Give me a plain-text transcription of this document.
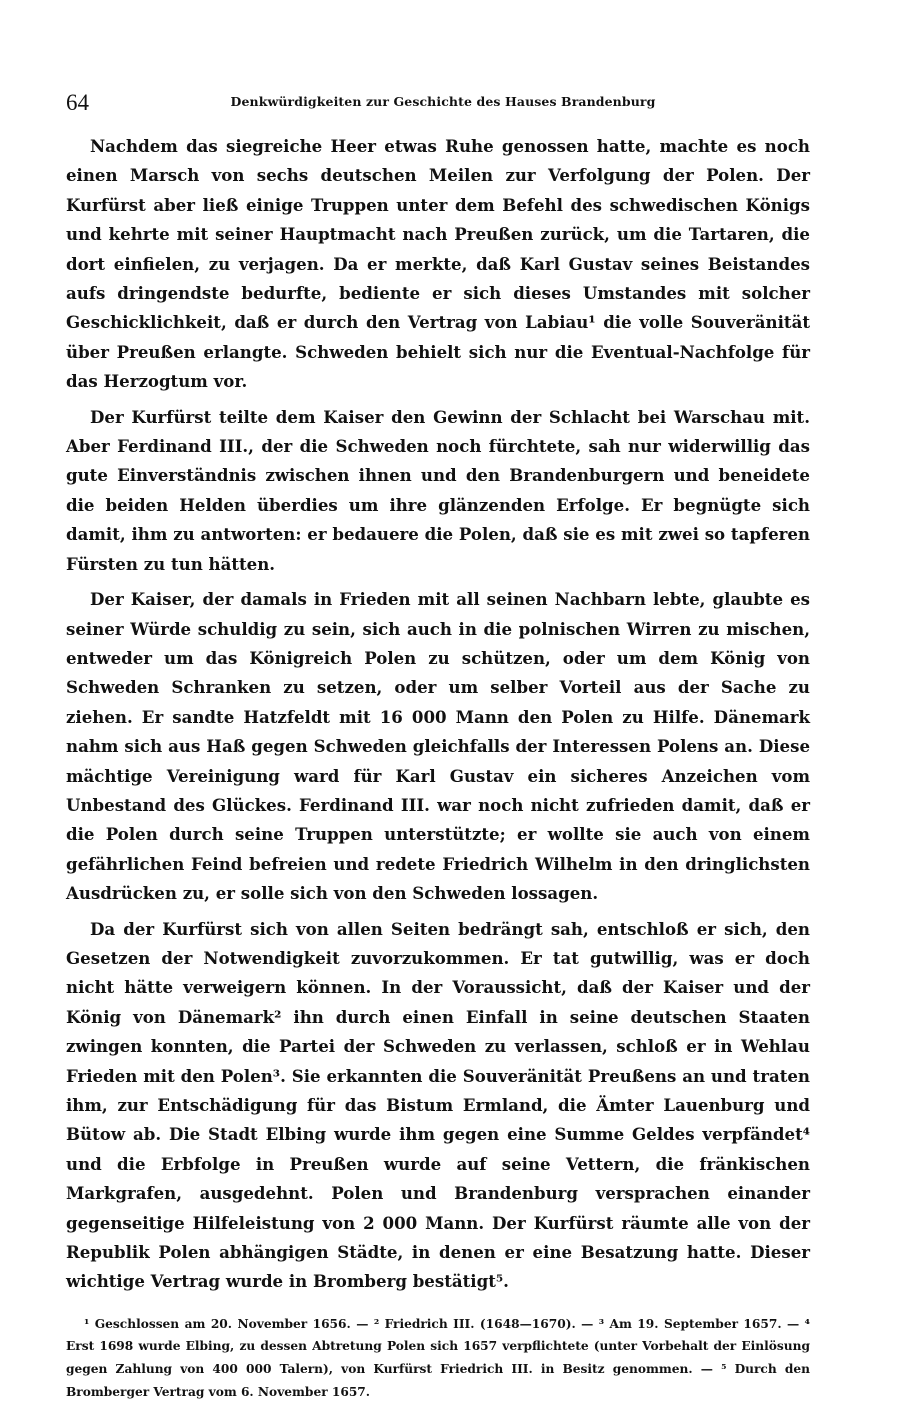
64	Denkwürdigkeiten zur Geschichte des Hauses Brandenburg

Nachdem das siegreiche Heer etwas Ruhe genossen hatte, machte es noch einen Marsch von sechs deutschen Meilen zur Verfolgung der Polen. Der Kurfürst aber ließ einige Truppen unter dem Befehl des schwedischen Königs und kehrte mit seiner Hauptmacht nach Preußen zurück, um die Tartaren, die dort einfielen, zu verjagen. Da er merkte, daß Karl Gustav seines Beistandes aufs dringendste bedurfte, bediente er sich dieses Umstandes mit solcher Geschicklichkeit, daß er durch den Vertrag von Labiau¹ die volle Souveränität über Preußen erlangte. Schweden behielt sich nur die Eventual-Nachfolge für das Herzogtum vor.

Der Kurfürst teilte dem Kaiser den Gewinn der Schlacht bei Warschau mit. Aber Ferdinand III., der die Schweden noch fürchtete, sah nur widerwillig das gute Einverständnis zwischen ihnen und den Brandenburgern und beneidete die beiden Helden überdies um ihre glänzenden Erfolge. Er begnügte sich damit, ihm zu antworten: er bedauere die Polen, daß sie es mit zwei so tapferen Fürsten zu tun hätten.

Der Kaiser, der damals in Frieden mit all seinen Nachbarn lebte, glaubte es seiner Würde schuldig zu sein, sich auch in die polnischen Wirren zu mischen, entweder um das Königreich Polen zu schützen, oder um dem König von Schweden Schranken zu setzen, oder um selber Vorteil aus der Sache zu ziehen. Er sandte Hatzfeldt mit 16 000 Mann den Polen zu Hilfe. Dänemark nahm sich aus Haß gegen Schweden gleichfalls der Interessen Polens an. Diese mächtige Vereinigung ward für Karl Gustav ein sicheres Anzeichen vom Unbestand des Glückes. Ferdinand III. war noch nicht zufrieden damit, daß er die Polen durch seine Truppen unterstützte; er wollte sie auch von einem gefährlichen Feind befreien und redete Friedrich Wilhelm in den dringlichsten Ausdrücken zu, er solle sich von den Schweden lossagen.

Da der Kurfürst sich von allen Seiten bedrängt sah, entschloß er sich, den Gesetzen der Notwendigkeit zuvorzukommen. Er tat gutwillig, was er doch nicht hätte verweigern können. In der Voraussicht, daß der Kaiser und der König von Dänemark² ihn durch einen Einfall in seine deutschen Staaten zwingen konnten, die Partei der Schweden zu verlassen, schloß er in Wehlau Frieden mit den Polen³. Sie erkannten die Souveränität Preußens an und traten ihm, zur Entschädigung für das Bistum Ermland, die Ämter Lauenburg und Bütow ab. Die Stadt Elbing wurde ihm gegen eine Summe Geldes verpfändet⁴ und die Erbfolge in Preußen wurde auf seine Vettern, die fränkischen Markgrafen, ausgedehnt. Polen und Brandenburg versprachen einander gegenseitige Hilfeleistung von 2 000 Mann. Der Kurfürst räumte alle von der Republik Polen abhängigen Städte, in denen er eine Besatzung hatte. Dieser wichtige Vertrag wurde in Bromberg bestätigt⁵.

¹ Geschlossen am 20. November 1656. — ² Friedrich III. (1648—1670). — ³ Am 19. September 1657. — ⁴ Erst 1698 wurde Elbing, zu dessen Abtretung Polen sich 1657 verpflichtete (unter Vorbehalt der Einlösung gegen Zahlung von 400 000 Talern), von Kurfürst Friedrich III. in Besitz genommen. — ⁵ Durch den Bromberger Vertrag vom 6. November 1657.
